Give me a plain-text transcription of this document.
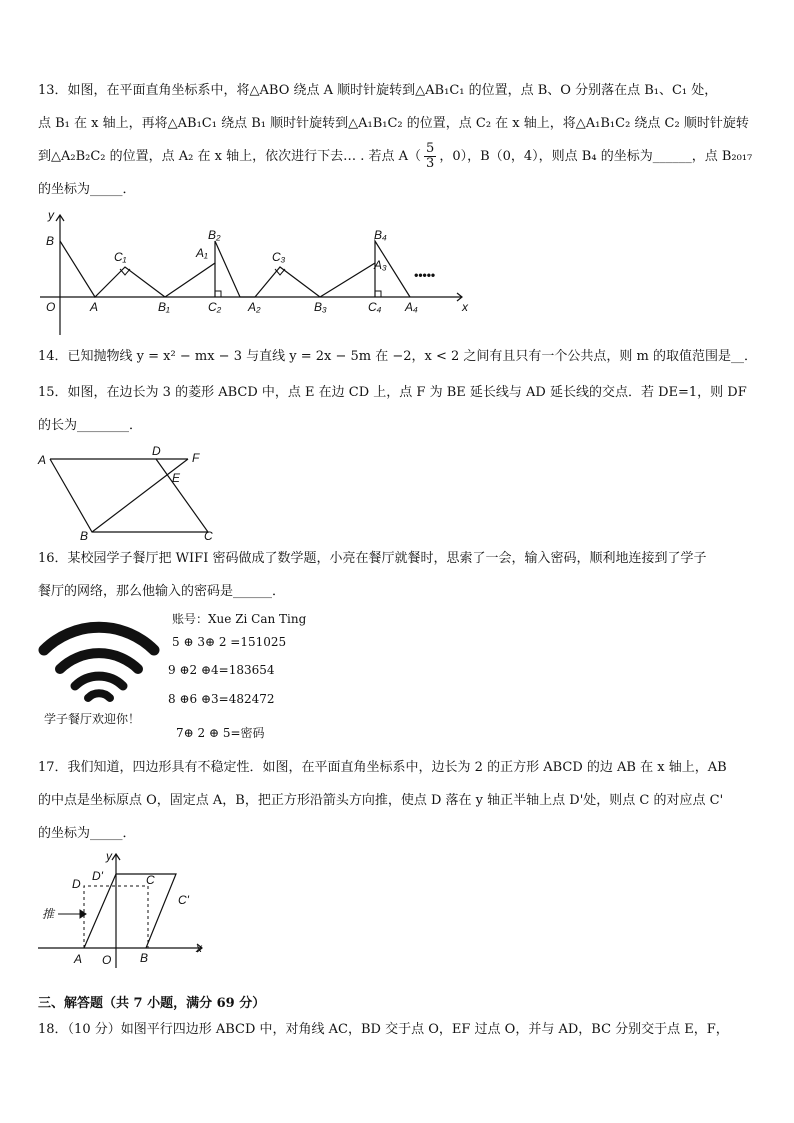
13．如图，在平面直角坐标系中，将△ABO 绕点 A 顺时针旋转到△AB₁C₁ 的位置，点 B、O 分别落在点 B₁、C₁ 处，
点 B₁ 在 x 轴上，再将△AB₁C₁ 绕点 B₁ 顺时针旋转到△A₁B₁C₂ 的位置，点 C₂ 在 x 轴上，将△A₁B₁C₂ 绕点 C₂ 顺时针旋转
到△A₂B₂C₂ 的位置，点 A₂ 在 x 轴上，依次进行下去… . 若点 $A( \frac{5}{3}$ ，0），B（0，4），则点 B₄ 的坐标为______，点 B₂₀₁₇
的坐标为_____．
y
x
B
O	A
C₁
B₁
B₂
A₁
C₂ A₂
C₃
B₃
B₄
A₃
C₄ A₄
•••••
14．已知抛物线 y = x² − mx − 3 与直线 y = 2x − 5m 在 −2，x < 2 之间有且只有一个公共点，则 m 的取值范围是__．
15．如图，在边长为 3 的菱形 ABCD 中，点 E 在边 CD 上，点 F 为 BE 延长线与 AD 延长线的交点．若 DE=1，则 DF
的长为________．
A
D	F
E
B	C
16．某校园学子餐厅把 WIFI 密码做成了数学题，小亮在餐厅就餐时，思索了一会，输入密码，顺利地连接到了学子
餐厅的网络，那么他输入的密码是______．
学子餐厅欢迎你！
账号：Xue Zi Can Ting
5 ⊕ 3⊕ 2 =151025
9 ⊕2 ⊕4=183654
8 ⊕6 ⊕3=482472
7⊕ 2 ⊕ 5=密码
17．我们知道，四边形具有不稳定性．如图，在平面直角坐标系中，边长为 2 的正方形 ABCD 的边 AB 在 x 轴上，AB
的中点是坐标原点 O，固定点 A，B，把正方形沿箭头方向推，使点 D 落在 y 轴正半轴上点 D'处，则点 C 的对应点 C'
的坐标为_____．
y
x
D	C
D'
C'
推
A O B
三、解答题（共 7 小题，满分 69 分）
18．（10 分）如图平行四边形 ABCD 中，对角线 AC，BD 交于点 O，EF 过点 O，并与 AD，BC 分别交于点 E，F，
